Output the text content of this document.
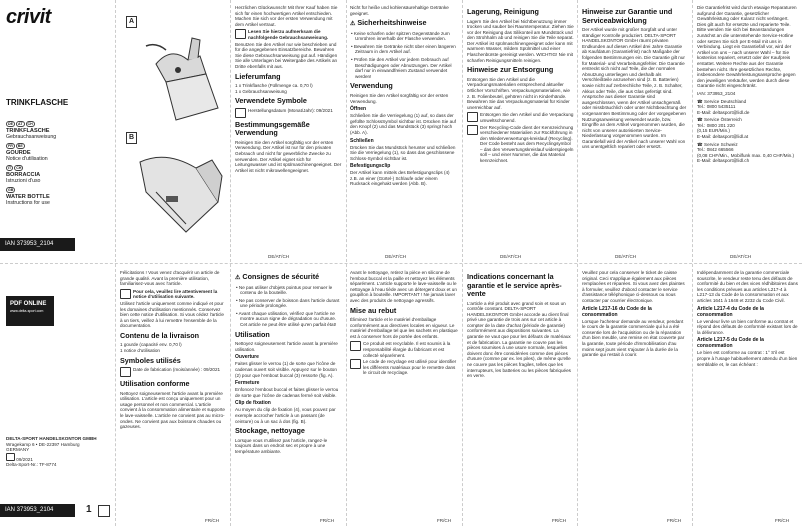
crivit
TRINKFLASCHE
DE	AT	CH
TRINKFLASCHE
Gebrauchsanweisung
FR	BE
GOURDE
Notice d'utilisation
IT	CH
BORRACCIA
Istruzioni d'uso
GB
WATER BOTTLE
Instructions for use
IAN 373953_2104
A
B

Herzlichen Glückwunsch! Mit Ihrer Kauf haben Sie sich für einen hochwertigen Artikel entschieden. Machen Sie sich vor der ersten Verwendung mit dem Artikel vertraut.

Lesen Sie hierzu aufmerksam die nachfolgende Gebrauchsanweisung.

Benutzen Sie den Artikel nur wie beschrieben und für die angegebenen Einsatzbereiche. Bewahren Sie diese Gebrauchsanweisung gut auf. Händigen Sie alle Unterlagen bei Weitergabe des Artikels an Dritte ebenfalls mit aus.

Lieferumfang

1 x Trinkflasche (Füllmenge ca. 0,70 l)
1 x Gebrauchsanweisung

Verwendete Symbole
Herstellungsdatum (Monat/Jahr): 09/2021
Bestimmungsgemäße Verwendung

Reinigen Sie den Artikel sorgfältig vor der ersten Verwendung. Der Artikel ist nur für den privaten Gebrauch und nicht für gewerbliche Zwecke zu verwenden. Der Artikel eignet sich für Leitungswasser und ist spülmaschinengeeignet. Der Artikel ist nicht mikrowellengeeignet.

Nicht für heiße und kohlensäurehaltige Getränke geeignet.

⚠ Sicherheitshinweise

• Keine scharfen oder spitzen Gegenstände zum Umrühren innerhalb der Flasche verwenden.

• Bewahren Sie Getränke nicht über einen längeren Zeitraum in dem Artikel auf.

• Prüfen Sie den Artikel vor jedem Gebrauch auf Beschädigungen oder Abnutzungen. Der Artikel darf nur in einwandfreiem Zustand verwendet werden!

Verwendung

Reinigen Sie den Artikel sorgfältig vor der ersten Verwendung.

Öffnen

Schließen Sie die Verriegelung (1) auf, so dass der gefüllte SchlossSymbol sichtbar ist. Drücken Sie auf den Knopf (2) und das Mundstück (3) springt hoch (Abb. A).

Schließen

Drücken Sie das Mundstück herunter und schließen Sie die Verriegelung (1), so dass das geschlossene Schloss-Symbol sichtbar ist.

Befestigungsclip

Der Artikel kann mittels des Befestigungsclips (4) z.B. an einer (Gürtel-) Schlaufe oder einem Rucksack eingehakt werden (Abb. B).

Lagerung, Reinigung

Lagern Sie den Artikel bei Nichtbenutzung immer trocken und sauber bei Raumtemperatur. Ziehen Sie vor der Reinigung das Silikonteil am Mundstück und den Strohhalm ab und reinigen Sie die Teile separat. Der Artikel ist spülmaschinengeeignet oder kann mit warmem Wasser, mildem Spülmittel und einer Flaschenbürste gereinigt werden. WICHTIG! Nie mit scharfen Reinigungsmitteln reinigen.

Hinweise zur Entsorgung

Entsorgen Sie den Artikel und die Verpackungsmaterialien entsprechend aktueller örtlicher Vorschriften. Verpackungsmaterialien, wie z. B. Folienbeutel, gehören nicht in Kinderhände. Bewahren Sie das Verpackungsmaterial für Kinder unerreichbar auf.

Entsorgen Sie den Artikel und die Verpackung umweltschonend.
Der Recycling-Code dient der Kennzeichnung verschiedener Materialien zur Rückführung in den Wiederverwertungs-kreislauf (Recycling). Der Code besteht aus dem Recyclingsymbol – das den Verwertungskreislauf widerspiegeln soll – und einer Nummer, die das Material kennzeichnet.
Hinweise zur Garantie und Serviceabwicklung

Der Artikel wurde mit großer Sorgfalt und unter ständiger Kontrolle produziert. DELTA-SPORT HANDELSKONTOR GmbH räumt privaten Endkunden auf diesen Artikel drei Jahre Garantie ab Kaufdatum (Garantiefrist) nach Maßgabe der folgenden Bestimmungen ein. Die Garantie gilt nur für Material- und Verarbeitungsfehler. Die Garantie erstreckt sich nicht auf Teile, die der normalen Abnutzung unterliegen und deshalb als Verschleißteile anzusehen sind (z. B. Batterien) sowie nicht auf zerbrechliche Teile, z. B. Schalter, Akkus oder Teile, die aus Glas gefertigt sind. Ansprüche aus dieser Garantie sind ausgeschlossen, wenn der Artikel unsachgemäß oder missbräuchlich oder unter Nichtbeachtung der vorgenannten Bestimmung oder der vorgegebenen Nutzungsanweisung verwendet wurde, bzw. Eingriffe an dem Artikel vorgenommen wurden, die nicht von unserer autorisierten Service-Niederlassung vorgenommen wurden. Im Garantiefall wird der Artikel nach unserer Wahl von uns unentgeltlich repariert oder ersetzt.

Die Garantiefrist wird durch etwaige Reparaturen aufgrund der Garantie, gesetzlicher Gewährleistung oder Kulanz nicht verlängert. Dies gilt auch für ersetzte und reparierte Teile. Bitte wenden Sie sich bei Beanstandungen zunächst an die untenstehende Service-Hotline oder setzen Sie sich per E-Mail mit uns in Verbindung. Liegt ein Garantiefall vor, wird der Artikel von uns – nach unserer Wahl – für Sie kostenlos repariert, ersetzt oder der Kaufpreis erstattet. Weitere Rechte aus der Garantie bestehen nicht. Ihre gesetzlichen Rechte, insbesondere Gewährleistungsansprüche gegen den jeweiligen Verkäufer, werden durch diese Garantie nicht eingeschränkt.

IAN: 373953_2104

☎ Service Deutschland
Tel.: 0800 5435111
E-Mail: deltasport@lidl.de

☎ Service Österreich
Tel.: 0800 201 220
(0,15 EUR/Min.)
E-Mail: deltasport@lidl.at

☎ Service Schweiz
Tel.: 0842 665566
(0,08 CHF/Min., Mobilfunk max. 0,40 CHF/Min.)
E-Mail: deltasport@lidl.ch

DE/AT/CH	DE/AT/CH	DE/AT/CH	DE/AT/CH	DE/AT/CH
PDF ONLINE
www.delta-sport.com
DELTA-SPORT HANDELSKONTOR GMBH
Wragekamp 6 • DE-22397 Hamburg
GERMANY
09/2021
Delta-Sport-Nr.: TF-8774
IAN 373953_2104	1

Félicitations ! Vous venez d'acquérir un article de grande qualité. Avant la première utilisation, familiarisez-vous avec l'article.

Pour cela, veuillez lire attentivement la notice d'utilisation suivante.

Utilisez l'article uniquement comme indiqué et pour les domaines d'utilisation mentionnés. Conservez bien cette notice d'utilisation. Si vous cédez l'article à un tiers, veillez à lui remettre l'ensemble de la documentation.

Contenu de la livraison

1 gourde (capacité env. 0,70 l)
1 notice d'utilisation

Symboles utilisés
Date de fabrication (mois/année) : 09/2021
Utilisation conforme

Nettoyez soigneusement l'article avant la première utilisation. L'article est conçu uniquement pour un usage personnel et non commercial. L'article convient à la consommation alimentaire et supporte le lave-vaisselle. L'article ne convient pas au micro-ondes. Ne convient pas aux boissons chaudes ou gazeuses.

⚠ Consignes de sécurité

• Ne pas utiliser d'objets pointus pour remuer le contenu de la bouteille.

• Ne pas conserver de boisson dans l'article durant une période prolongée.

• Avant chaque utilisation, vérifiez que l'article ne montre aucun signe de dégradation ou d'usure. Cet article ne peut être utilisé qu'en parfait état!

Utilisation

Nettoyez soigneusement l'article avant la première utilisation.

Ouverture

Faites glisser le verrou (1) de sorte que l'icône de cadenas ouvert soit visible. Appuyez sur le bouton (2) pour que l'embout buccal (3) ressorte (fig. A).

Fermeture

Enfoncez l'embout buccal et faites glisser le verrou de sorte que l'icône de cadenas fermé soit visible.

Clip de fixation

Au moyen du clip de fixation (4), vous pouvez par exemple accrocher l'article à un passant (de ceinture) ou à un sac à dos (fig. B).

Stockage, nettoyage

Lorsque vous n'utilisez pas l'article, rangez-le toujours dans un endroit sec et propre à une température ambiante.

Avant le nettoyage, retirez la pièce en silicone de l'embout buccal et la paille et nettoyez les éléments séparément. L'article supporte le lave-vaisselle ou le nettoyage à l'eau tiède avec un détergent doux et un goupillon à bouteille. IMPORTANT ! Ne jamais laver avec des produits de nettoyage agressifs.

Mise au rebut

Éliminez l'article et le matériel d'emballage conformément aux directives locales en vigueur. Le matériel d'emballage tel que les sachets en plastique est à conserver hors de portée des enfants.

Ce produit est recyclable. Il est soumis à la responsabilité élargie du fabricant et est collecté séparément.
Le code de recyclage est utilisé pour identifier les différents matériaux pour le remettre dans le circuit de recyclage.
Indications concernant la garantie et le service après-vente

L'article a été produit avec grand soin et sous un contrôle constant. DELTA-SPORT HANDELSKONTOR GmbH accorde au client final privé une garantie de trois ans sur cet article à compter de la date d'achat (période de garantie) conformément aux dispositions suivantes. La garantie ne vaut que pour les défauts de matériaux et de fabrication. La garantie ne couvre pas les pièces soumises à une usure normale, lesquelles doivent donc être considérées comme des pièces d'usure (comme par ex. les piles), de même qu'elle ne couvre pas les pièces fragiles, telles que les interrupteurs, les batteries ou les pièces fabriquées en verre.

Veuillez pour cela conserver le ticket de caisse original. Ceci s'applique également aux pièces remplacées et réparées. Si vous avez des plaintes à formuler, veuillez d'abord contacter le service d'assistance téléphonique ci-dessous ou nous contacter par courrier électronique.

Article L217-16 du Code de la consommation

Lorsque l'acheteur demande au vendeur, pendant le cours de la garantie commerciale qui lui a été consentie lors de l'acquisition ou de la réparation d'un bien meuble, une remise en état couverte par la garantie, toute période d'immobilisation d'au moins sept jours vient s'ajouter à la durée de la garantie qui restait à courir.

Indépendamment de la garantie commerciale souscrite, le vendeur reste tenu des défauts de conformité du bien et des vices rédhibitoires dans les conditions prévues aux articles L217-4 à L217-13 du Code de la consommation et aux articles 1641 à 1648 et 2232 du Code Civil.

Article L217-4 du Code de la consommation

Le vendeur livre un bien conforme au contrat et répond des défauts de conformité existant lors de la délivrance.

Article L217-5 du Code de la consommation

Le bien est conforme au contrat : 1° S'il est propre à l'usage habituellement attendu d'un bien semblable et, le cas échéant :

FR/CH	FR/CH	FR/CH	FR/CH	FR/CH	FR/CH
